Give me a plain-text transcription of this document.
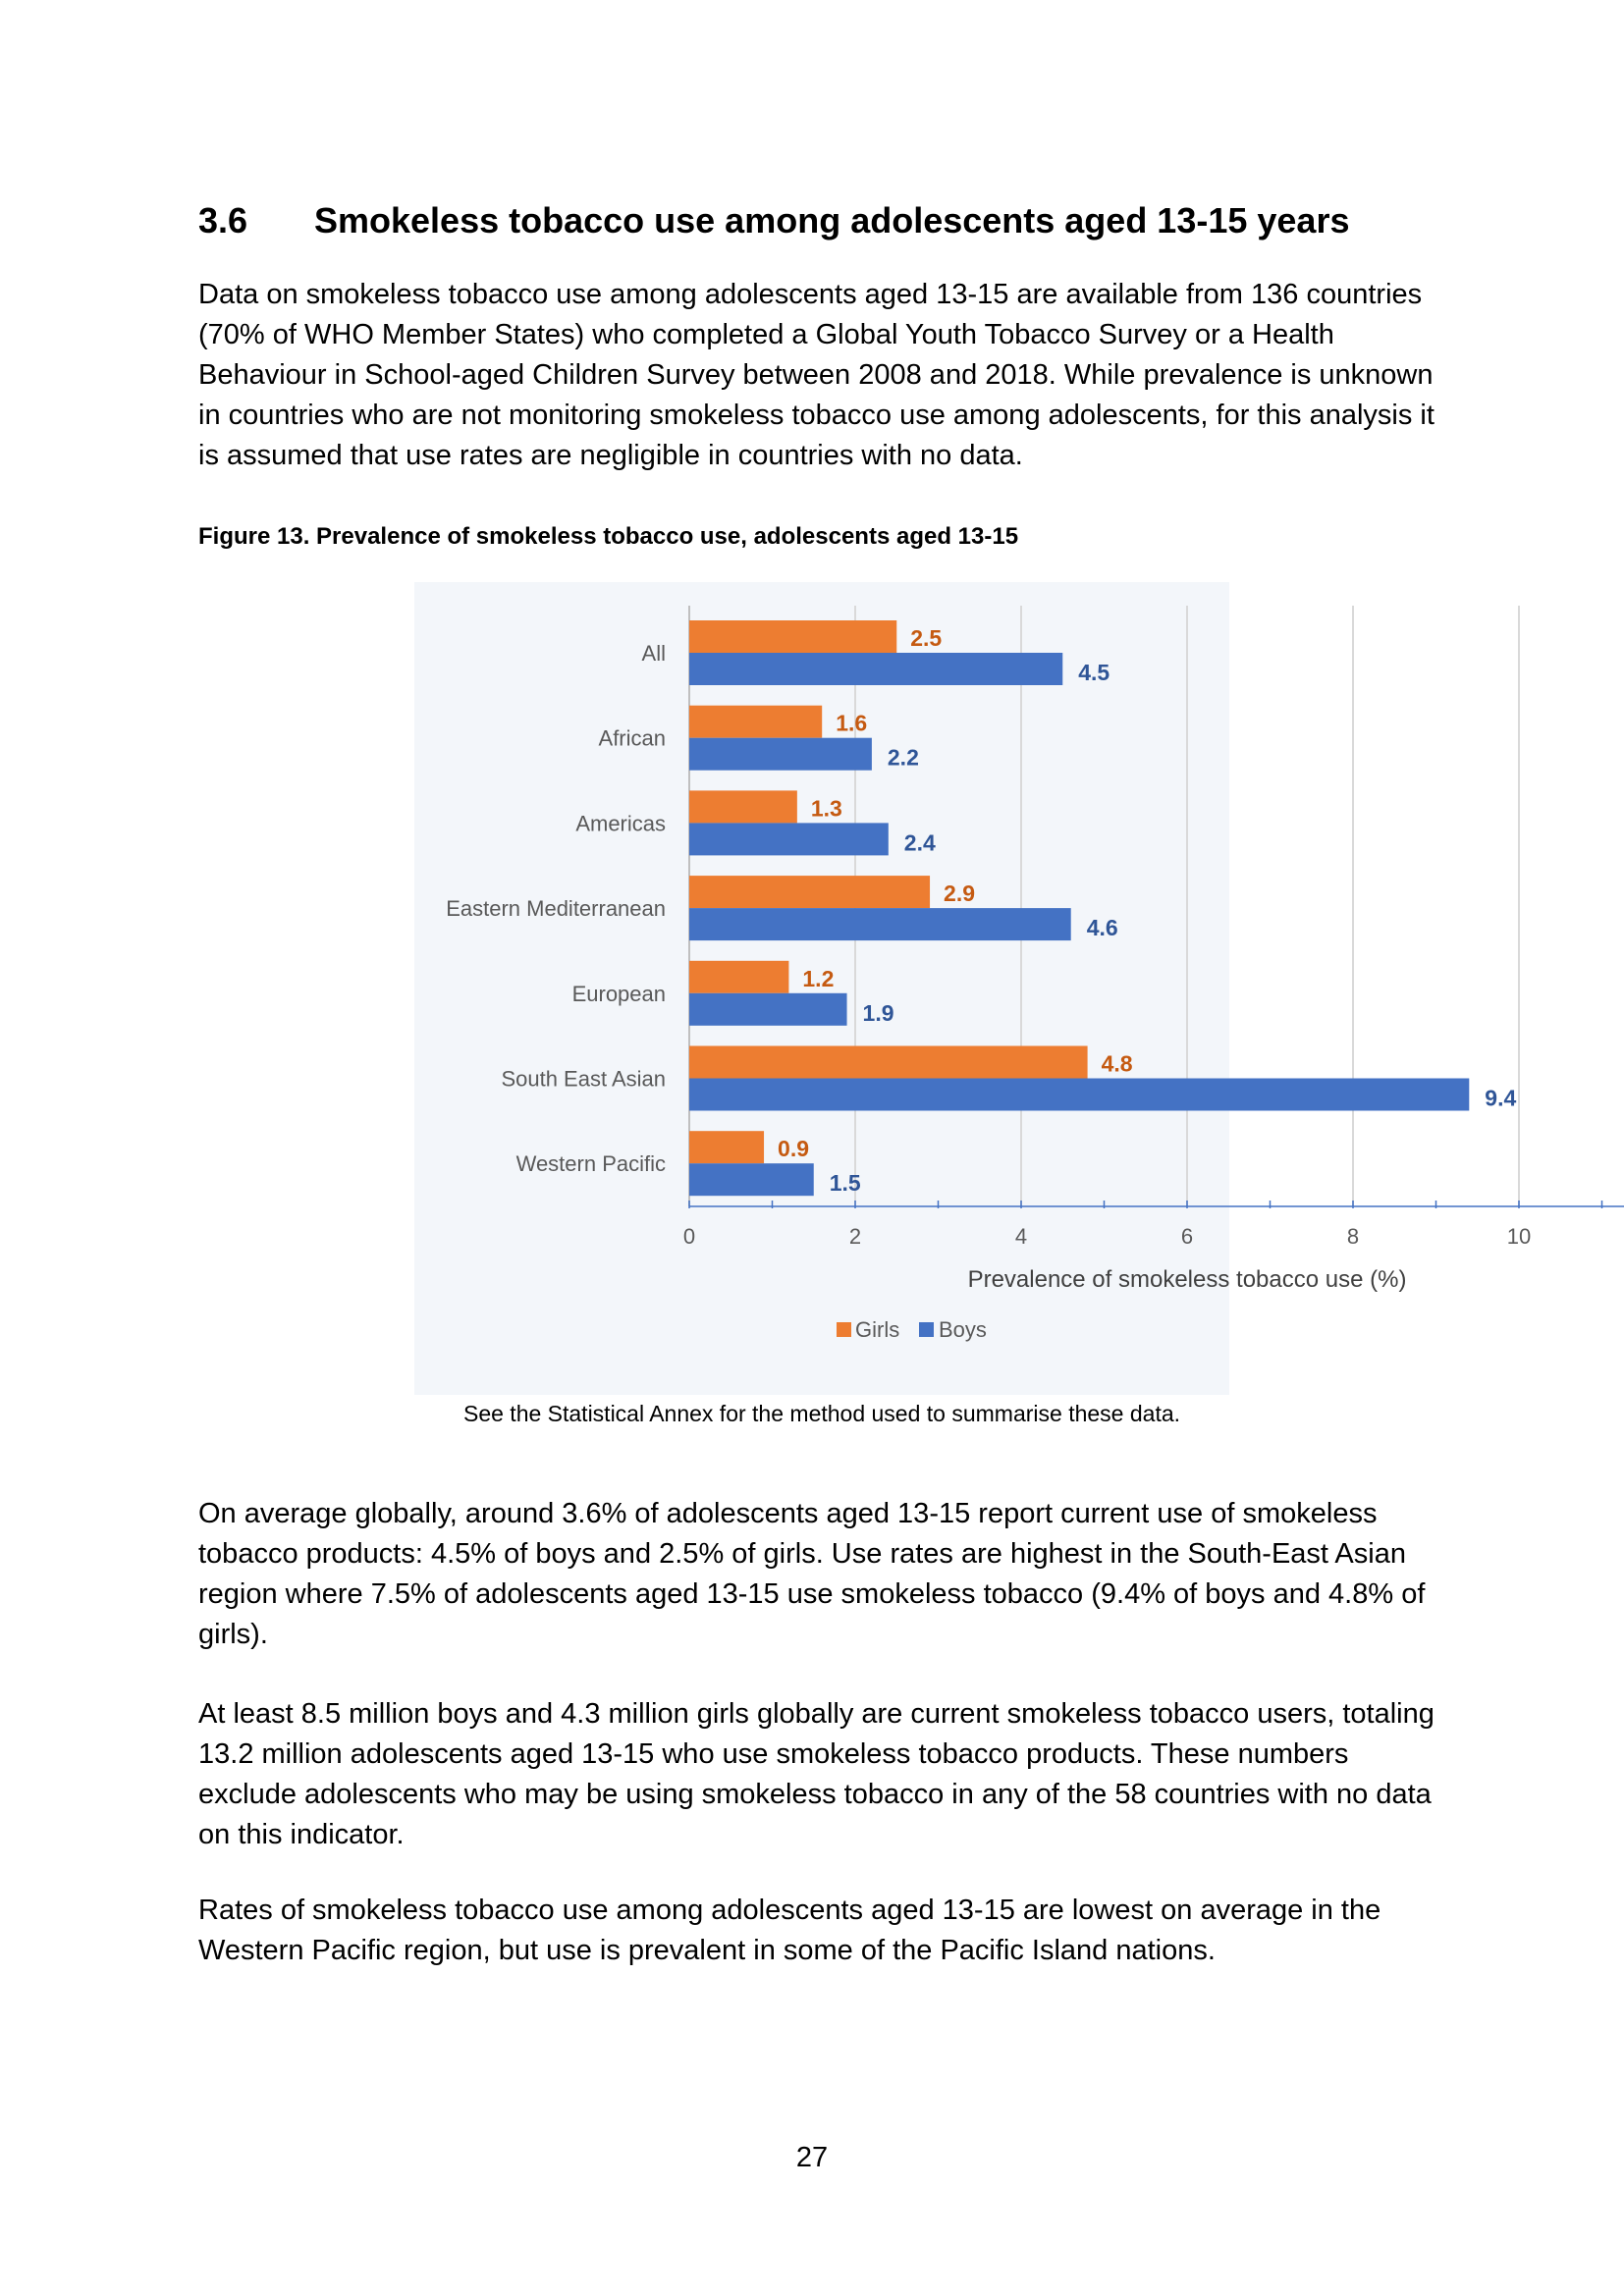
3.6 Smokeless tobacco use among adolescents aged 13-15 years

Data on smokeless tobacco use among adolescents aged 13-15 are available from 136 countries (70% of WHO Member States) who completed a Global Youth Tobacco Survey or a Health Behaviour in School-aged Children Survey between 2008 and 2018. While prevalence is unknown in countries who are not monitoring smokeless tobacco use among adolescents, for this analysis it is assumed that use rates are negligible in countries with no data.

Figure 13. Prevalence of smokeless tobacco use, adolescents aged 13-15

0	2	4	6	8	10
All
2.5
4.5
African
1.6
2.2
Americas
1.3
2.4
Eastern Mediterranean
2.9
4.6
European
1.2
1.9
South East Asian
4.8
9.4
Western Pacific
0.9
1.5
Prevalence of smokeless tobacco use (%)
Girls Boys

See the Statistical Annex for the method used to summarise these data.

On average globally, around 3.6% of adolescents aged 13-15 report current use of smokeless tobacco products: 4.5% of boys and 2.5% of girls. Use rates are highest in the South-East Asian region where 7.5% of adolescents aged 13-15 use smokeless tobacco (9.4% of boys and 4.8% of girls).

At least 8.5 million boys and 4.3 million girls globally are current smokeless tobacco users, totaling 13.2 million adolescents aged 13-15 who use smokeless tobacco products. These numbers exclude adolescents who may be using smokeless tobacco in any of the 58 countries with no data on this indicator.

Rates of smokeless tobacco use among adolescents aged 13-15 are lowest on average in the Western Pacific region, but use is prevalent in some of the Pacific Island nations.

27
